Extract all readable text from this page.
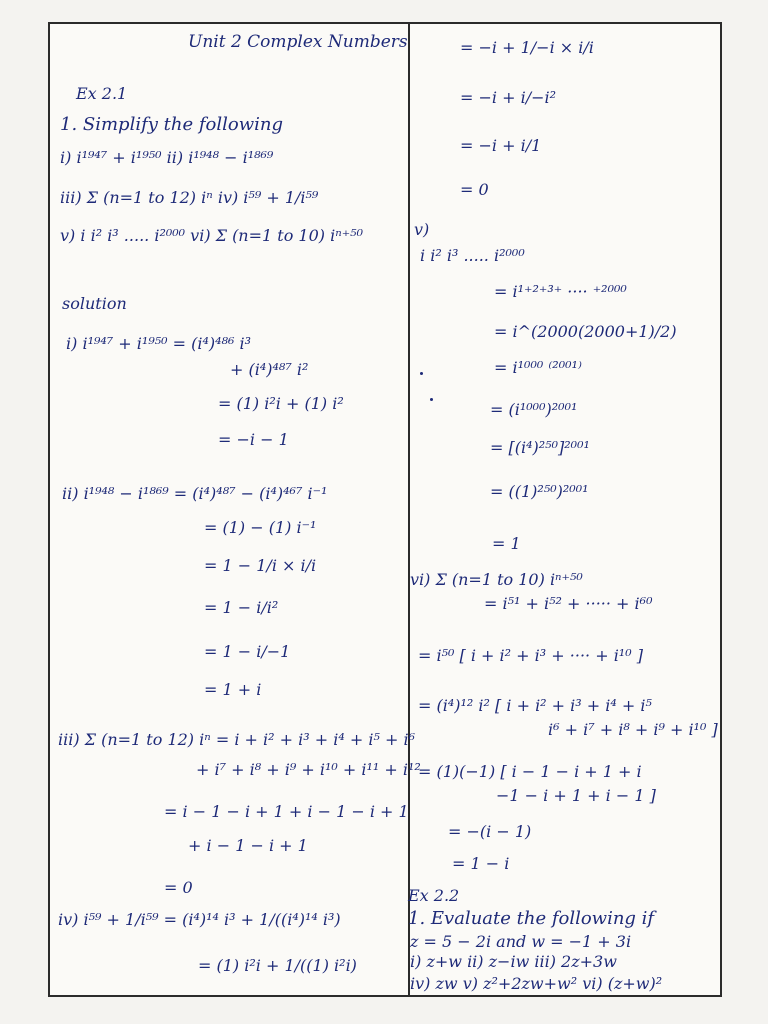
Unit 2 Complex Numbers
Ex 2.1
1. Simplify the following
i) i¹⁹⁴⁷ + i¹⁹⁵⁰ ii) i¹⁹⁴⁸ − i¹⁸⁶⁹
iii) Σ (n=1 to 12) iⁿ iv) i⁵⁹ + 1/i⁵⁹
v) i i² i³ ..... i²⁰⁰⁰ vi) Σ (n=1 to 10) iⁿ⁺⁵⁰
solution
i) i¹⁹⁴⁷ + i¹⁹⁵⁰ = (i⁴)⁴⁸⁶ i³
+ (i⁴)⁴⁸⁷ i²
= (1) i²i + (1) i²
= −i − 1
ii) i¹⁹⁴⁸ − i¹⁸⁶⁹ = (i⁴)⁴⁸⁷ − (i⁴)⁴⁶⁷ i⁻¹
= (1) − (1) i⁻¹
= 1 − 1/i × i/i
= 1 − i/i²
= 1 − i/−1
= 1 + i
iii) Σ (n=1 to 12) iⁿ = i + i² + i³ + i⁴ + i⁵ + i⁶
+ i⁷ + i⁸ + i⁹ + i¹⁰ + i¹¹ + i¹²
= i − 1 − i + 1 + i − 1 − i + 1
+ i − 1 − i + 1
= 0
iv) i⁵⁹ + 1/i⁵⁹ = (i⁴)¹⁴ i³ + 1/((i⁴)¹⁴ i³)
= (1) i²i + 1/((1) i²i)
= −i + 1/−i × i/i
= −i + i/−i²
= −i + i/1
= 0
v)
i i² i³ ..... i²⁰⁰⁰
= i¹⁺²⁺³⁺ ···· ⁺²⁰⁰⁰
= i^(2000(2000+1)/2)
= i¹⁰⁰⁰ ⁽²⁰⁰¹⁾
= (i¹⁰⁰⁰)²⁰⁰¹
= [(i⁴)²⁵⁰]²⁰⁰¹
= ((1)²⁵⁰)²⁰⁰¹
= 1
vi) Σ (n=1 to 10) iⁿ⁺⁵⁰
= i⁵¹ + i⁵² + ····· + i⁶⁰
= i⁵⁰ [ i + i² + i³ + ···· + i¹⁰ ]
= (i⁴)¹² i² [ i + i² + i³ + i⁴ + i⁵
i⁶ + i⁷ + i⁸ + i⁹ + i¹⁰ ]
= (1)(−1) [ i − 1 − i + 1 + i
−1 − i + 1 + i − 1 ]
= −(i − 1)
= 1 − i
Ex 2.2
1. Evaluate the following if
z = 5 − 2i and w = −1 + 3i
i) z+w ii) z−iw iii) 2z+3w
iv) zw v) z²+2zw+w² vi) (z+w)²
